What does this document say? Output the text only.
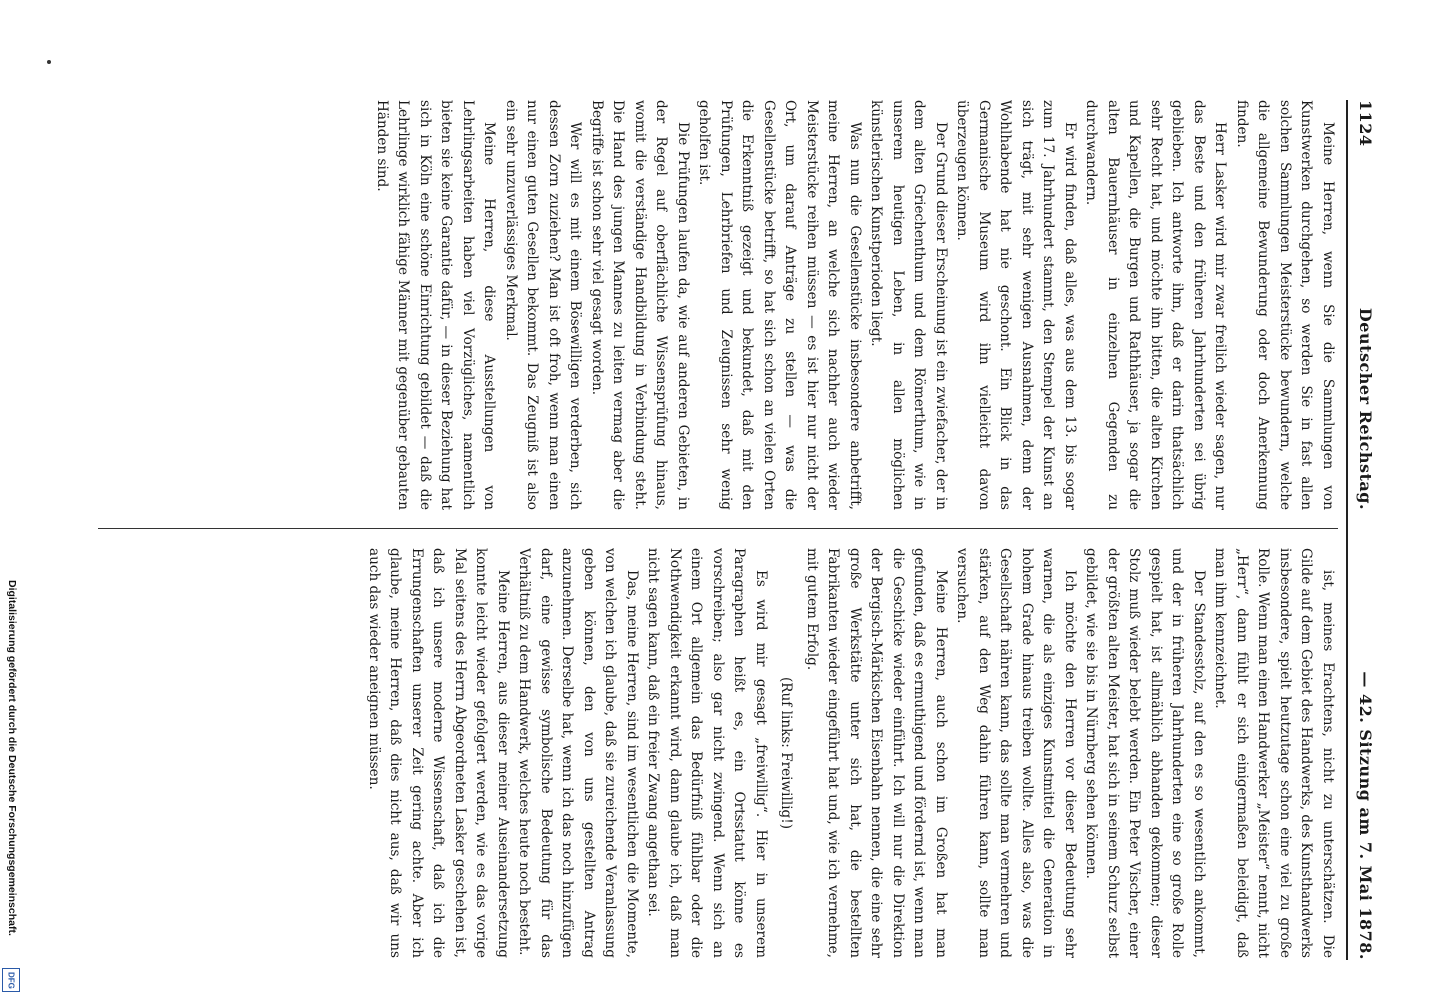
1124
Deutscher Reichstag.
— 42. Sitzung am 7. Mai 1878.

Meine Herren, wenn Sie die Sammlungen von Kunstwerken durchgehen, so werden Sie in fast allen solchen Sammlungen Meisterstücke bewundern, welche die allgemeine Bewunderung oder doch Anerkennung finden.

Herr Lasker wird mir zwar freilich wieder sagen, nur das Beste und den früheren Jahrhunderten sei übrig geblieben. Ich antworte ihm, daß er darin thatsächlich sehr Recht hat, und möchte ihn bitten, die alten Kirchen und Kapellen, die Burgen und Rathhäuser, ja sogar die alten Bauernhäuser in einzelnen Gegenden zu durchwandern.

Er wird finden, daß alles, was aus dem 13. bis sogar zum 17. Jahrhundert stammt, den Stempel der Kunst an sich trägt, mit sehr wenigen Ausnahmen, denn der Wohlhabende hat nie geschont. Ein Blick in das Germanische Museum wird ihn vielleicht davon überzeugen können.

Der Grund dieser Erscheinung ist ein zwiefacher, der in dem alten Griechenthum und dem Römerthum, wie in unserem heutigen Leben, in allen möglichen künstlerischen Kunstperioden liegt.

Was nun die Gesellenstücke insbesondere anbetrifft, meine Herren, an welche sich nachher auch wieder Meisterstücke reihen müssen — es ist hier nur nicht der Ort, um darauf Anträge zu stellen — was die Gesellenstücke betrifft, so hat sich schon an vielen Orten die Erkenntniß gezeigt und bekundet, daß mit den Prüfungen, Lehrbriefen und Zeugnissen sehr wenig geholfen ist.

Die Prüfungen laufen da, wie auf anderen Gebieten, in der Regel auf oberflächliche Wissensprüfung hinaus, womit die verständige Handbildung in Verbindung steht. Die Hand des jungen Mannes zu leiten vermag aber die Begriffe ist schon sehr viel gesagt worden.

Wer will es mit einem Bösewilligen verderben, sich dessen Zorn zuziehen? Man ist oft froh, wenn man einen nur einen guten Gesellen bekommt. Das Zeugniß ist also ein sehr unzuverlässiges Merkmal.

Meine Herren, diese Ausstellungen von Lehrlingsarbeiten haben viel Vorzügliches, namentlich bieten sie keine Garantie dafür, — in dieser Beziehung hat sich in Köln eine schöne Einrichtung gebildet — daß die Lehrlinge wirklich fähige Männer mit gegenüber gebauten Händen sind.

ist, meines Erachtens, nicht zu unterschätzen. Die Gilde auf dem Gebiet des Handwerks, des Kunsthandwerks insbesondere, spielt heutzutage schon eine viel zu große Rolle. Wenn man einen Handwerker „Meister“ nennt, nicht „Herr“, dann fühlt er sich einigermaßen beleidigt, daß man ihm kennzeichnet.

Der Standesstolz, auf den es so wesentlich ankommt, und der in früheren Jahrhunderten eine so große Rolle gespielt hat, ist allmählich abhanden gekommen; dieser Stolz muß wieder belebt werden. Ein Peter Vischer, einer der größten alten Meister, hat sich in seinem Schurz selbst gebildet, wie sie bis in Nürnberg sehen können.

Ich möchte den Herren vor dieser Bedeutung sehr warnen, die als einziges Kunstmittel die Generation in hohem Grade hinaus treiben wollte. Alles also, was die Gesellschaft nähren kann, das sollte man vermehren und stärken, auf den Weg dahin führen kann, sollte man versuchen.

Meine Herren, auch schon im Großen hat man gefunden, daß es ermuthigend und fördernd ist, wenn man die Geschicke wieder einführt. Ich will nur die Direktion der Bergisch-Märkischen Eisenbahn nennen, die eine sehr große Werkstätte unter sich hat, die bestellten Fabrikanten wieder eingeführt hat und, wie ich vernehme, mit gutem Erfolg.

(Ruf links: Freiwillig!)

Es wird mir gesagt „freiwillig“. Hier in unserem Paragraphen heißt es, ein Ortsstatut könne es vorschreiben; also gar nicht zwingend. Wenn sich an einem Ort allgemein das Bedürfniß fühlbar oder die Nothwendigkeit erkannt wird, dann glaube ich, daß man nicht sagen kann, daß ein freier Zwang angethan sei.

Das, meine Herren, sind im wesentlichen die Momente, von welchen ich glaube, daß sie zureichende Veranlassung geben können, den von uns gestellten Antrag anzunehmen. Derselbe hat, wenn ich das noch hinzufügen darf, eine gewisse symbolische Bedeutung für das Verhältniß zu dem Handwerk, welches heute noch besteht.

Meine Herren, aus dieser meiner Auseinandersetzung konnte leicht wieder gefolgert werden, wie es das vorige Mal seitens des Herrn Abgeordneten Lasker geschehen ist, daß ich unsere moderne Wissenschaft, daß ich die Errungenschaften unserer Zeit gering achte. Aber ich glaube, meine Herren, daß dies nicht aus, daß wir uns auch das wieder aneignen müssen.

Digitalisierung gefördert durch die Deutsche Forschungsgemeinschaft.
DFG
